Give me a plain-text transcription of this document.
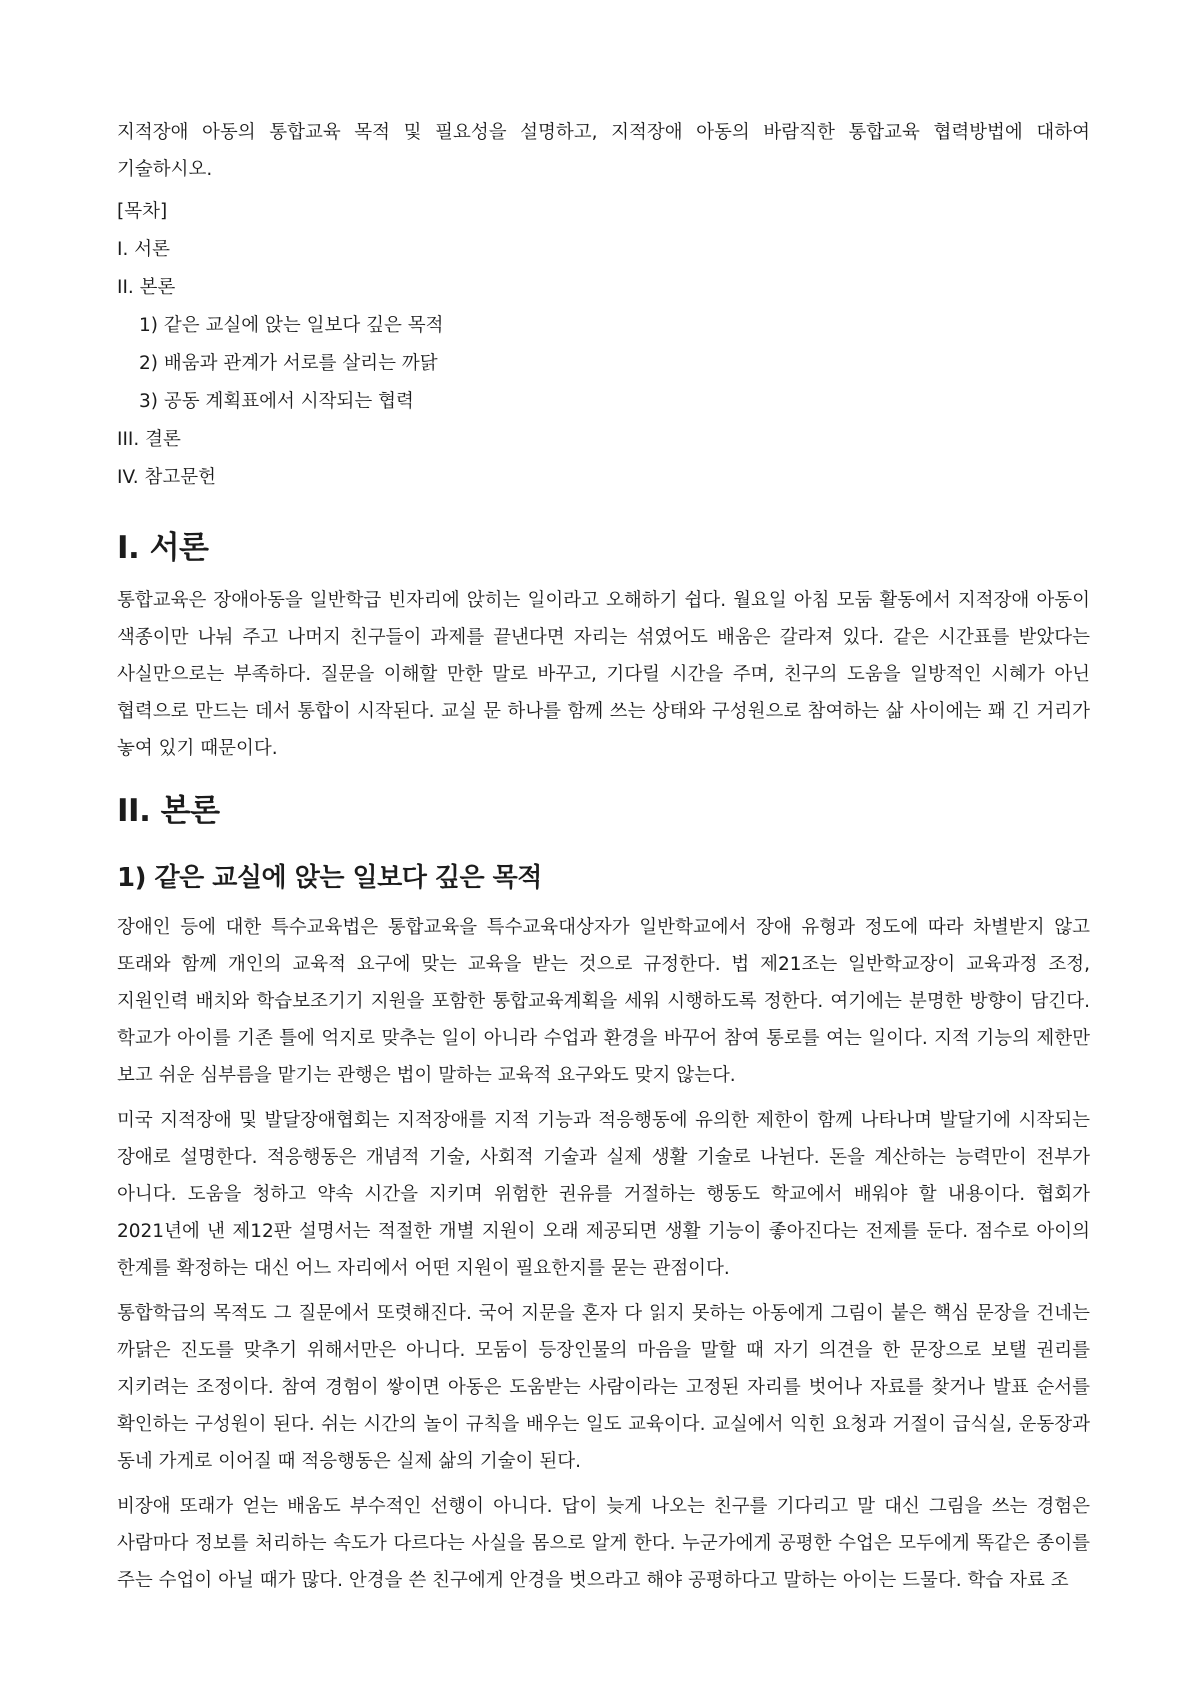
지적장애 아동의 통합교육 목적 및 필요성을 설명하고, 지적장애 아동의 바람직한 통합교육 협력방법에 대하여 기술하시오.

[목차]

I. 서론

II. 본론

1) 같은 교실에 앉는 일보다 깊은 목적

2) 배움과 관계가 서로를 살리는 까닭

3) 공동 계획표에서 시작되는 협력

III. 결론

IV. 참고문헌

I. 서론

통합교육은 장애아동을 일반학급 빈자리에 앉히는 일이라고 오해하기 쉽다. 월요일 아침 모둠 활동에서 지적장애 아동이 색종이만 나눠 주고 나머지 친구들이 과제를 끝낸다면 자리는 섞였어도 배움은 갈라져 있다. 같은 시간표를 받았다는 사실만으로는 부족하다. 질문을 이해할 만한 말로 바꾸고, 기다릴 시간을 주며, 친구의 도움을 일방적인 시혜가 아닌 협력으로 만드는 데서 통합이 시작된다. 교실 문 하나를 함께 쓰는 상태와 구성원으로 참여하는 삶 사이에는 꽤 긴 거리가 놓여 있기 때문이다.

II. 본론
1) 같은 교실에 앉는 일보다 깊은 목적

장애인 등에 대한 특수교육법은 통합교육을 특수교육대상자가 일반학교에서 장애 유형과 정도에 따라 차별받지 않고 또래와 함께 개인의 교육적 요구에 맞는 교육을 받는 것으로 규정한다. 법 제21조는 일반학교장이 교육과정 조정, 지원인력 배치와 학습보조기기 지원을 포함한 통합교육계획을 세워 시행하도록 정한다. 여기에는 분명한 방향이 담긴다. 학교가 아이를 기존 틀에 억지로 맞추는 일이 아니라 수업과 환경을 바꾸어 참여 통로를 여는 일이다. 지적 기능의 제한만 보고 쉬운 심부름을 맡기는 관행은 법이 말하는 교육적 요구와도 맞지 않는다.

미국 지적장애 및 발달장애협회는 지적장애를 지적 기능과 적응행동에 유의한 제한이 함께 나타나며 발달기에 시작되는 장애로 설명한다. 적응행동은 개념적 기술, 사회적 기술과 실제 생활 기술로 나뉜다. 돈을 계산하는 능력만이 전부가 아니다. 도움을 청하고 약속 시간을 지키며 위험한 권유를 거절하는 행동도 학교에서 배워야 할 내용이다. 협회가 2021년에 낸 제12판 설명서는 적절한 개별 지원이 오래 제공되면 생활 기능이 좋아진다는 전제를 둔다. 점수로 아이의 한계를 확정하는 대신 어느 자리에서 어떤 지원이 필요한지를 묻는 관점이다.

통합학급의 목적도 그 질문에서 또렷해진다. 국어 지문을 혼자 다 읽지 못하는 아동에게 그림이 붙은 핵심 문장을 건네는 까닭은 진도를 맞추기 위해서만은 아니다. 모둠이 등장인물의 마음을 말할 때 자기 의견을 한 문장으로 보탤 권리를 지키려는 조정이다. 참여 경험이 쌓이면 아동은 도움받는 사람이라는 고정된 자리를 벗어나 자료를 찾거나 발표 순서를 확인하는 구성원이 된다. 쉬는 시간의 놀이 규칙을 배우는 일도 교육이다. 교실에서 익힌 요청과 거절이 급식실, 운동장과 동네 가게로 이어질 때 적응행동은 실제 삶의 기술이 된다.

비장애 또래가 얻는 배움도 부수적인 선행이 아니다. 답이 늦게 나오는 친구를 기다리고 말 대신 그림을 쓰는 경험은 사람마다 정보를 처리하는 속도가 다르다는 사실을 몸으로 알게 한다. 누군가에게 공평한 수업은 모두에게 똑같은 종이를 주는 수업이 아닐 때가 많다. 안경을 쓴 친구에게 안경을 벗으라고 해야 공평하다고 말하는 아이는 드물다. 학습 자료 조
